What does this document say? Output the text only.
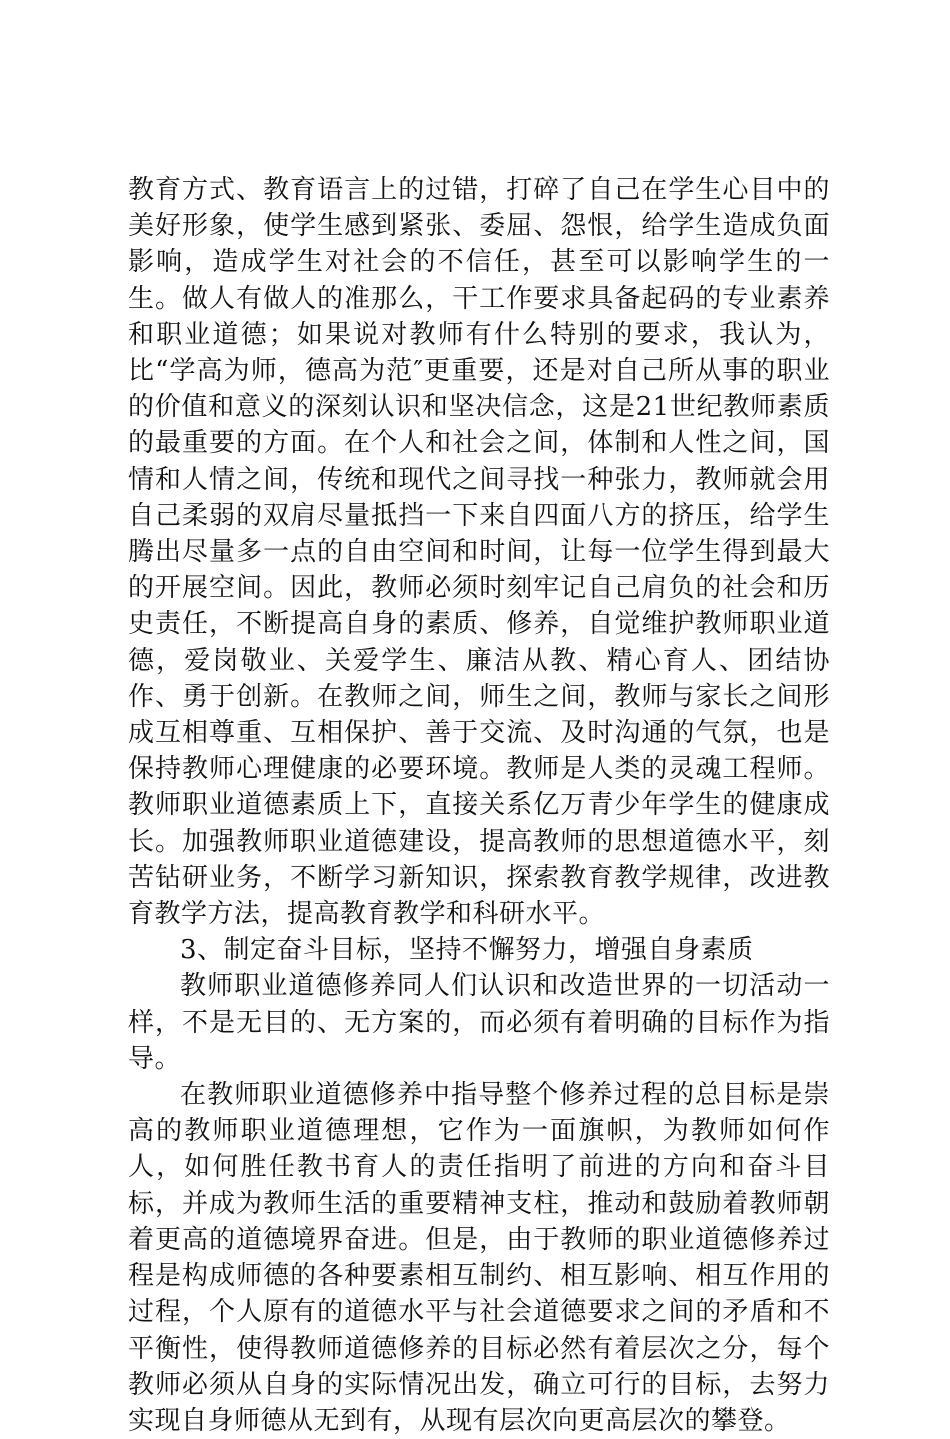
教育方式、教育语言上的过错，打碎了自己在学生心目中的美好形象，使学生感到紧张、委屈、怨恨，给学生造成负面影响，造成学生对社会的不信任，甚至可以影响学生的一生。做人有做人的准那么，干工作要求具备起码的专业素养和职业道德；如果说对教师有什么特别的要求，我认为，比“学高为师，德高为范″更重要，还是对自己所从事的职业的价值和意义的深刻认识和坚决信念，这是21世纪教师素质的最重要的方面。在个人和社会之间，体制和人性之间，国情和人情之间，传统和现代之间寻找一种张力，教师就会用自己柔弱的双肩尽量抵挡一下来自四面八方的挤压，给学生腾出尽量多一点的自由空间和时间，让每一位学生得到最大的开展空间。因此，教师必须时刻牢记自己肩负的社会和历史责任，不断提高自身的素质、修养，自觉维护教师职业道德，爱岗敬业、关爱学生、廉洁从教、精心育人、团结协作、勇于创新。在教师之间，师生之间，教师与家长之间形成互相尊重、互相保护、善于交流、及时沟通的气氛，也是保持教师心理健康的必要环境。教师是人类的灵魂工程师。教师职业道德素质上下，直接关系亿万青少年学生的健康成长。加强教师职业道德建设，提高教师的思想道德水平，刻苦钻研业务，不断学习新知识，探索教育教学规律，改进教育教学方法，提高教育教学和科研水平。

3、制定奋斗目标，坚持不懈努力，增强自身素质

教师职业道德修养同人们认识和改造世界的一切活动一样，不是无目的、无方案的，而必须有着明确的目标作为指导。

在教师职业道德修养中指导整个修养过程的总目标是崇高的教师职业道德理想，它作为一面旗帜，为教师如何作人，如何胜任教书育人的责任指明了前进的方向和奋斗目标，并成为教师生活的重要精神支柱，推动和鼓励着教师朝着更高的道德境界奋进。但是，由于教师的职业道德修养过程是构成师德的各种要素相互制约、相互影响、相互作用的过程，个人原有的道德水平与社会道德要求之间的矛盾和不平衡性，使得教师道德修养的目标必然有着层次之分，每个教师必须从自身的实际情况出发，确立可行的目标，去努力实现自身师德从无到有，从现有层次向更高层次的攀登。
